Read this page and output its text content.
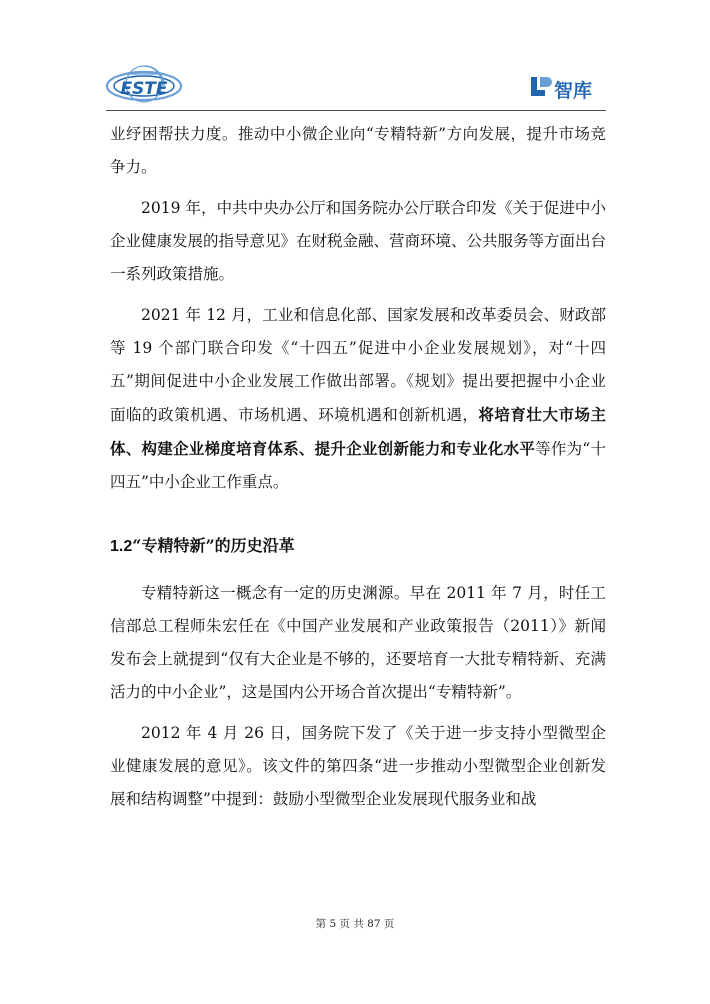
ESTE	智库

业纾困帮扶力度。推动中小微企业向“专精特新”方向发展，提升市场竞争力。

2019 年，中共中央办公厅和国务院办公厅联合印发《关于促进中小企业健康发展的指导意见》在财税金融、营商环境、公共服务等方面出台一系列政策措施。

2021 年 12 月，工业和信息化部、国家发展和改革委员会、财政部等 19 个部门联合印发《“十四五”促进中小企业发展规划》，对“十四五”期间促进中小企业发展工作做出部署。《规划》提出要把握中小企业面临的政策机遇、市场机遇、环境机遇和创新机遇，将培育壮大市场主体、构建企业梯度培育体系、提升企业创新能力和专业化水平等作为“十四五”中小企业工作重点。

1.2“专精特新”的历史沿革

专精特新这一概念有一定的历史渊源。早在 2011 年 7 月，时任工信部总工程师朱宏任在《中国产业发展和产业政策报告（2011）》新闻发布会上就提到“仅有大企业是不够的，还要培育一大批专精特新、充满活力的中小企业”，这是国内公开场合首次提出“专精特新”。

2012 年 4 月 26 日，国务院下发了《关于进一步支持小型微型企业健康发展的意见》。该文件的第四条“进一步推动小型微型企业创新发展和结构调整”中提到：鼓励小型微型企业发展现代服务业和战

第 5 页 共 87 页
